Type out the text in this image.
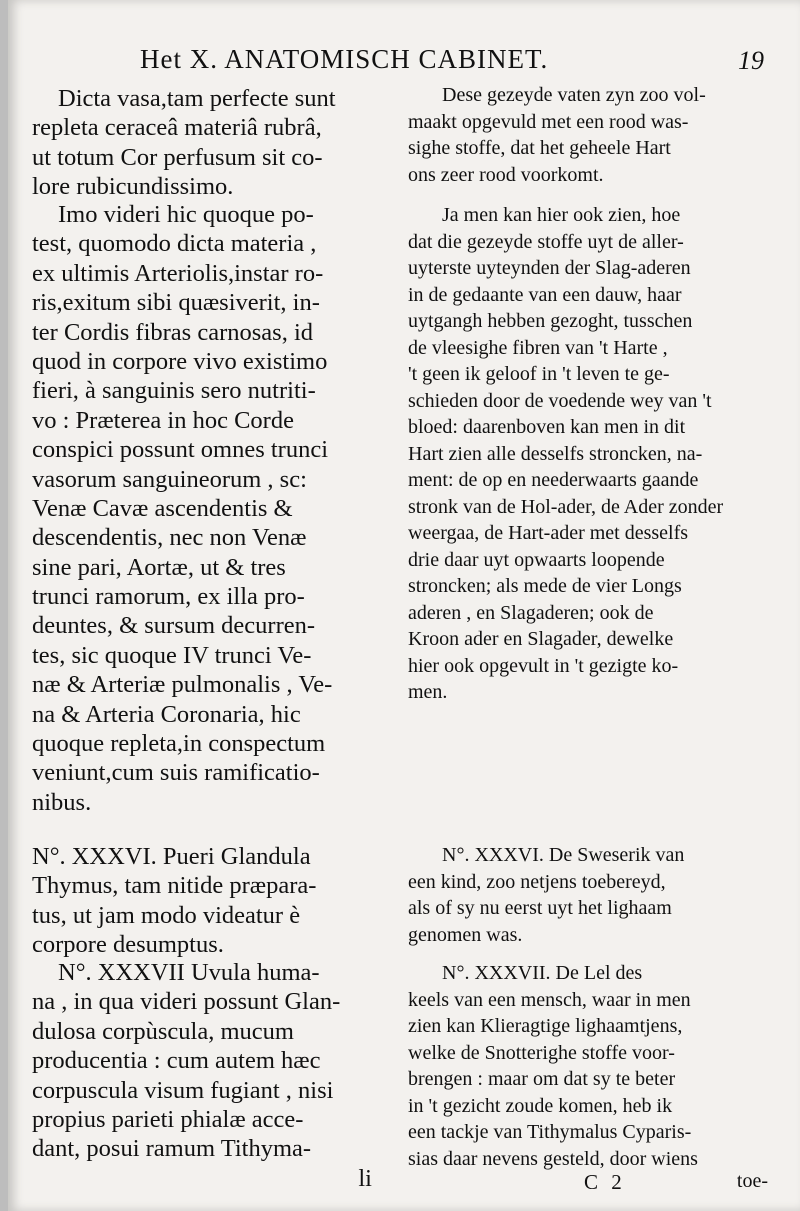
Het X. ANATOMISCH CABINET.	19

Dicta vasa,tam perfecte sunt
repleta ceraceâ materiâ rubrâ,
ut totum Cor perfusum sit co-
lore rubicundissimo.

Imo videri hic quoque po-
test, quomodo dicta materia ,
ex ultimis Arteriolis,instar ro-
ris,exitum sibi quæsiverit, in-
ter Cordis fibras carnosas, id
quod in corpore vivo existimo
fieri, à sanguinis sero nutriti-
vo : Præterea in hoc Corde
conspici possunt omnes trunci
vasorum sanguineorum , sc:
Venæ Cavæ ascendentis &
descendentis, nec non Venæ
sine pari, Aortæ, ut & tres
trunci ramorum, ex illa pro-
deuntes, & sursum decurren-
tes, sic quoque IV trunci Ve-
næ & Arteriæ pulmonalis , Ve-
na & Arteria Coronaria, hic
quoque repleta,in conspectum
veniunt,cum suis ramificatio-
nibus.

N°. XXXVI. Pueri Glandula
Thymus, tam nitide præpara-
tus, ut jam modo videatur è
corpore desumptus.

N°. XXXVII Uvula huma-
na , in qua videri possunt Glan-
dulosa corpùscula, mucum
producentia : cum autem hæc
corpuscula visum fugiant , nisi
propius parieti phialæ acce-
dant, posui ramum Tithyma-
li

Dese gezeyde vaten zyn zoo vol-
maakt opgevuld met een rood was-
sighe stoffe, dat het geheele Hart
ons zeer rood voorkomt.

Ja men kan hier ook zien, hoe
dat die gezeyde stoffe uyt de aller-
uyterste uyteynden der Slag-aderen
in de gedaante van een dauw, haar
uytgangh hebben gezoght, tusschen
de vleesighe fibren van 't Harte ,
't geen ik geloof in 't leven te ge-
schieden door de voedende wey van 't
bloed: daarenboven kan men in dit
Hart zien alle desselfs stroncken, na-
ment: de op en neederwaarts gaande
stronk van de Hol-ader, de Ader zonder
weergaa, de Hart-ader met desselfs
drie daar uyt opwaarts loopende
stroncken; als mede de vier Longs
aderen , en Slagaderen; ook de
Kroon ader en Slagader, dewelke
hier ook opgevult in 't gezigte ko-
men.

N°. XXXVI. De Sweserik van
een kind, zoo netjens toebereyd,
als of sy nu eerst uyt het lighaam
genomen was.

N°. XXXVII. De Lel des
keels van een mensch, waar in men
zien kan Klieragtige lighaamtjens,
welke de Snotterighe stoffe voor-
brengen : maar om dat sy te beter
in 't gezicht zoude komen, heb ik
een tackje van Tithymalus Cyparis-
sias daar nevens gesteld, door wiens

C 2	toe-
